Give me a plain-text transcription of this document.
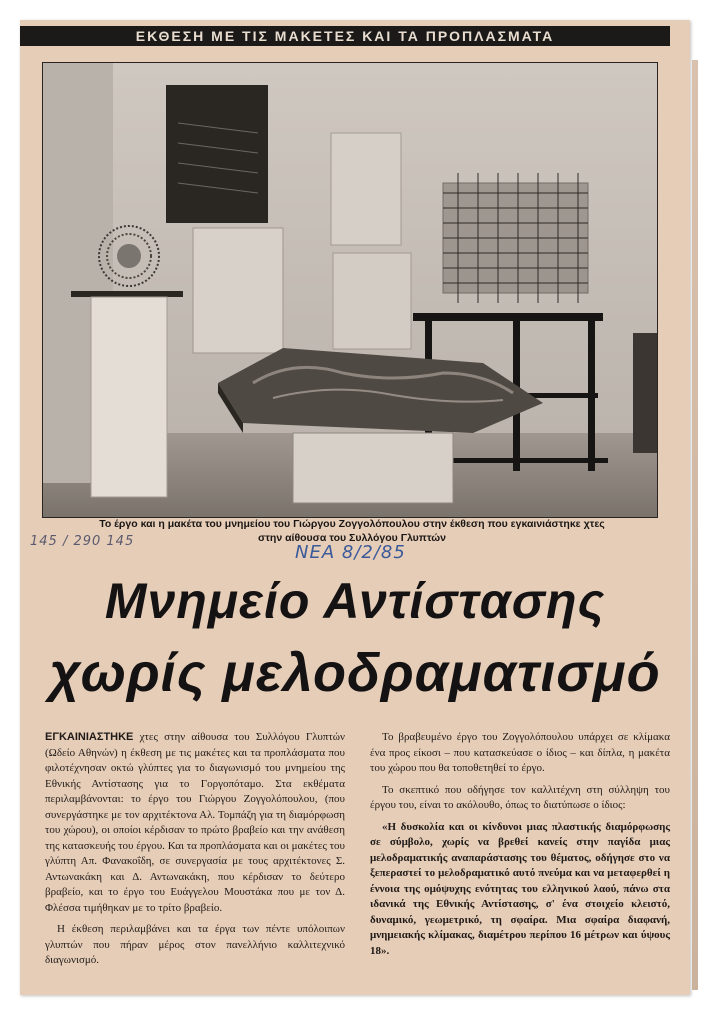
ΕΚΘΕΣΗ ΜΕ ΤΙΣ ΜΑΚΕΤΕΣ ΚΑΙ ΤΑ ΠΡΟΠΛΑΣΜΑΤΑ
Το έργο και η μακέτα του μνημείου του Γιώργου Ζογγολόπουλου στην έκθεση που εγκαινιάστηκε χτες
στην αίθουσα του Συλλόγου Γλυπτών
145 / 290 145
ΝΕΑ 8/2/85
Μνημείο Αντίστασης
χωρίς μελοδραματισμό

ΕΓΚΑΙΝΙΑΣΤΗΚΕ χτες στην αίθουσα του Συλλόγου Γλυπτών (Ωδείο Αθηνών) η έκθεση με τις μακέτες και τα προπλάσματα που φιλοτέχνησαν οκτώ γλύπτες για το διαγωνισμό του μνημείου της Εθνικής Αντίστασης για το Γοργοπόταμο. Στα εκθέματα περιλαμβάνονται: το έργο του Γιώργου Ζογγολόπουλου, (που συνεργάστηκε με τον αρχιτέκτονα Αλ. Τομπάζη για τη διαμόρφωση του χώρου), οι οποίοι κέρδισαν το πρώτο βραβείο και την ανάθεση της κατασκευής του έργου. Και τα προπλάσματα και οι μακέτες του γλύπτη Απ. Φανακοΐδη, σε συνεργασία με τους αρχιτέκτονες Σ. Αντωνακάκη και Δ. Αντωνακάκη, που κέρδισαν το δεύτερο βραβείο, και το έργο του Ευάγγελου Μουστάκα που με τον Δ. Φλέσσα τιμήθηκαν με το τρίτο βραβείο.

Η έκθεση περιλαμβάνει και τα έργα των πέντε υπόλοιπων γλυπτών που πήραν μέρος στον πανελλήνιο καλλιτεχνικό διαγωνισμό.

Το βραβευμένο έργο του Ζογγολόπουλου υπάρχει σε κλίμακα ένα προς είκοσι – που κατασκεύασε ο ίδιος – και δίπλα, η μακέτα του χώρου που θα τοποθετηθεί το έργο.

Το σκεπτικό που οδήγησε τον καλλιτέχνη στη σύλληψη του έργου του, είναι το ακόλουθο, όπως το διατύπωσε ο ίδιος:

«Η δυσκολία και οι κίνδυνοι μιας πλαστικής διαμόρφωσης σε σύμβολο, χωρίς να βρεθεί κανείς στην παγίδα μιας μελοδραματικής αναπαράστασης του θέματος, οδήγησε στο να ξεπεραστεί το μελοδραματικό αυτό πνεύμα και να μεταφερθεί η έννοια της ομόψυχης ενότητας του ελληνικού λαού, πάνω στα ιδανικά της Εθνικής Αντίστασης, σ' ένα στοιχείο κλειστό, δυναμικό, γεωμετρικό, τη σφαίρα. Μια σφαίρα διαφανή, μνημειακής κλίμακας, διαμέτρου περίπου 16 μέτρων και ύψους 18».
